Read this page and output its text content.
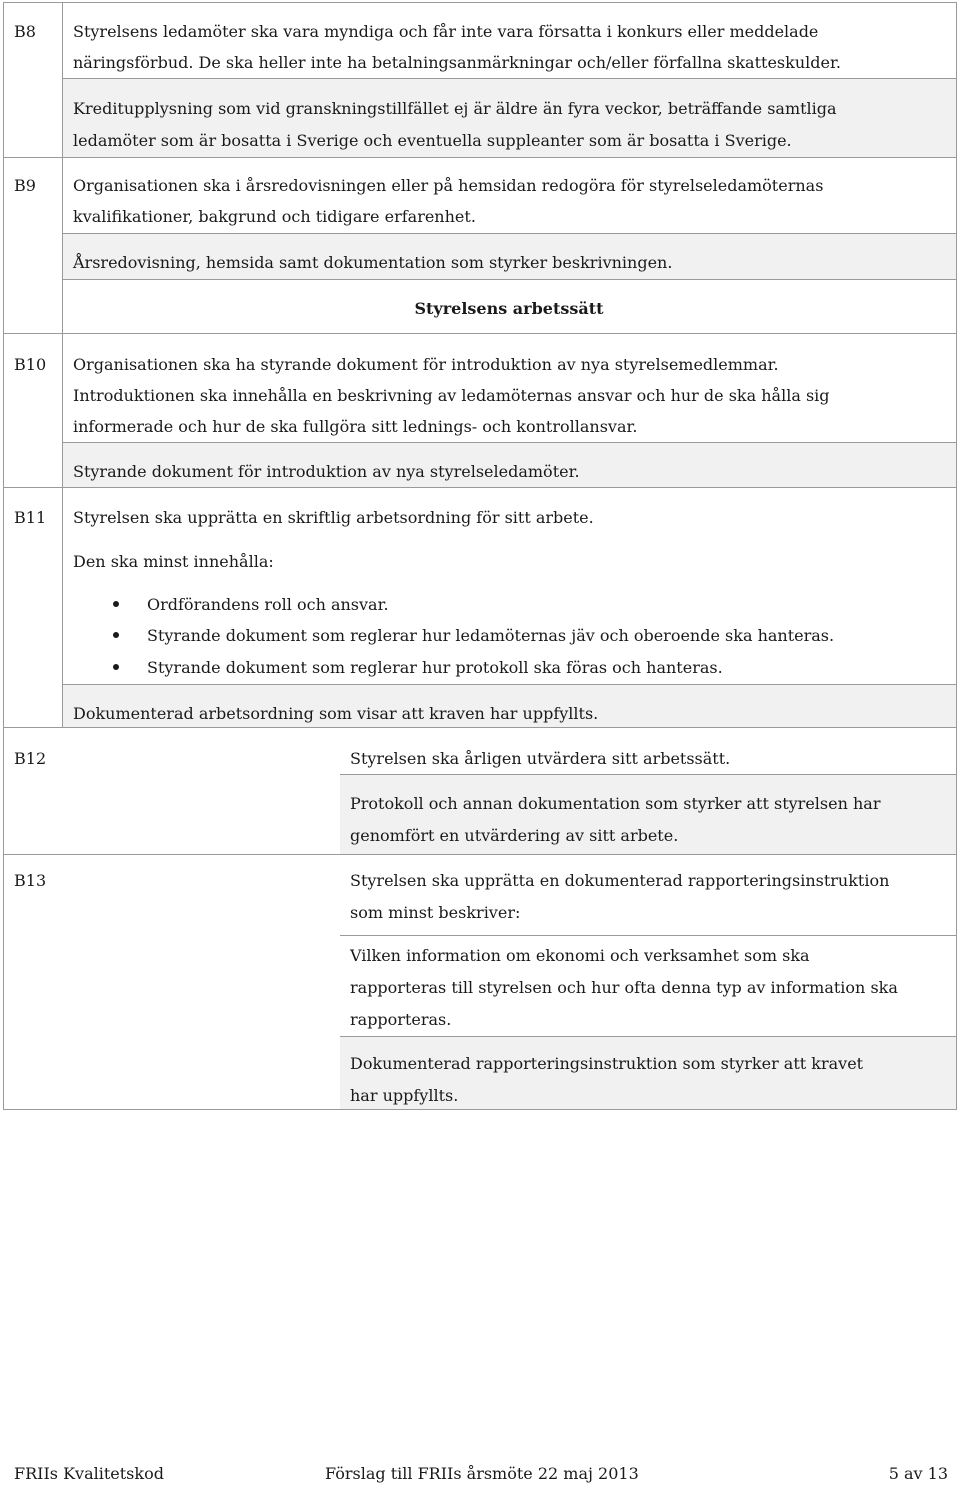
B8 Styrelsens ledamöter ska vara myndiga och får inte vara försatta i konkurs eller meddelade

näringsförbud. De ska heller inte ha betalningsanmärkningar och/eller förfallna skatteskulder.

Kreditupplysning som vid granskningstillfället ej är äldre än fyra veckor, beträffande samtliga

ledamöter som är bosatta i Sverige och eventuella suppleanter som är bosatta i Sverige.

B9 Organisationen ska i årsredovisningen eller på hemsidan redogöra för styrelseledamöternas

kvalifikationer, bakgrund och tidigare erfarenhet.

Årsredovisning, hemsida samt dokumentation som styrker beskrivningen.

Styrelsens arbetssätt

B10 Organisationen ska ha styrande dokument för introduktion av nya styrelsemedlemmar.

Introduktionen ska innehålla en beskrivning av ledamöternas ansvar och hur de ska hålla sig

informerade och hur de ska fullgöra sitt lednings- och kontrollansvar.

Styrande dokument för introduktion av nya styrelseledamöter.

B11 Styrelsen ska upprätta en skriftlig arbetsordning för sitt arbete.

Den ska minst innehålla:

Ordförandens roll och ansvar.

Styrande dokument som reglerar hur ledamöternas jäv och oberoende ska hanteras.

Styrande dokument som reglerar hur protokoll ska föras och hanteras.

Dokumenterad arbetsordning som visar att kraven har uppfyllts.

B12	Styrelsen ska årligen utvärdera sitt arbetssätt.

Protokoll och annan dokumentation som styrker att styrelsen har

genomfört en utvärdering av sitt arbete.

B13	Styrelsen ska upprätta en dokumenterad rapporteringsinstruktion

som minst beskriver:

Vilken information om ekonomi och verksamhet som ska

rapporteras till styrelsen och hur ofta denna typ av information ska

rapporteras.

Dokumenterad rapporteringsinstruktion som styrker att kravet

har uppfyllts.

FRIIs Kvalitetskod	Förslag till FRIIs årsmöte 22 maj 2013	5 av 13
